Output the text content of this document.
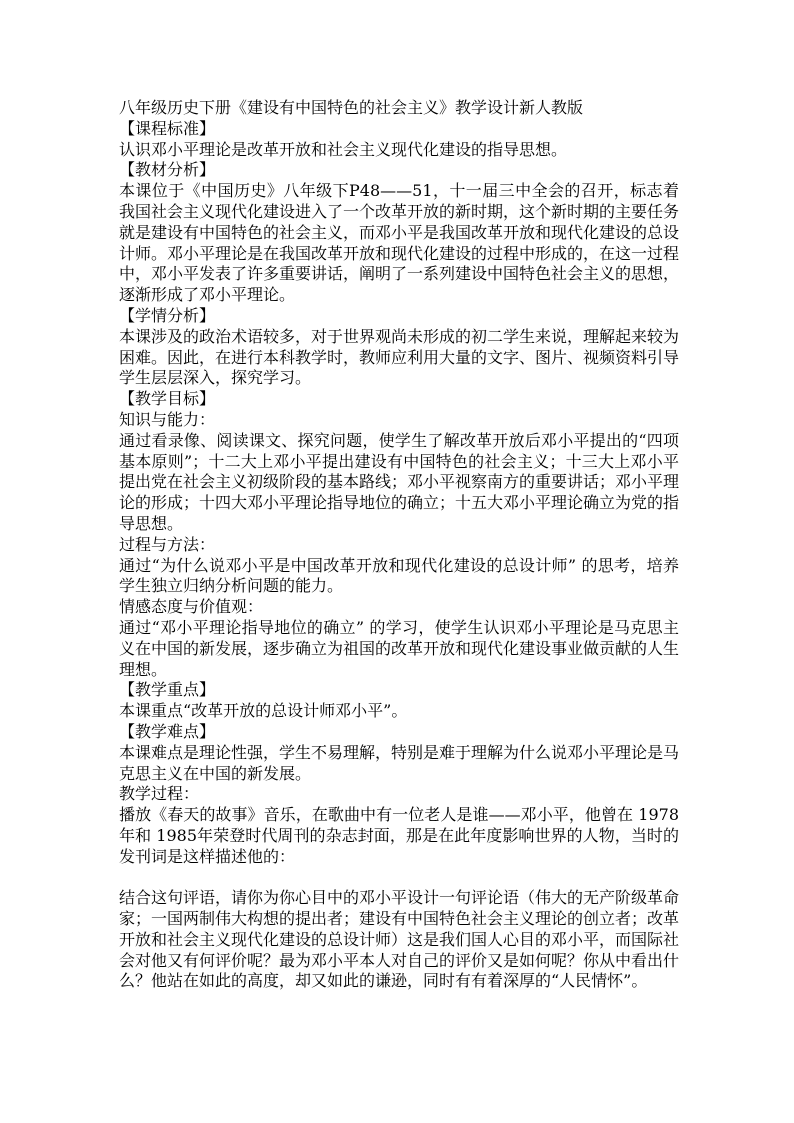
八年级历史下册《建设有中国特色的社会主义》教学设计新人教版
【课程标准】
认识邓小平理论是改革开放和社会主义现代化建设的指导思想。
【教材分析】
本课位于《中国历史》八年级下P48——51，十一届三中全会的召开，标志着我国社会主义现代化建设进入了一个改革开放的新时期，这个新时期的主要任务就是建设有中国特色的社会主义，而邓小平是我国改革开放和现代化建设的总设计师。邓小平理论是在我国改革开放和现代化建设的过程中形成的，在这一过程中，邓小平发表了许多重要讲话，阐明了一系列建设中国特色社会主义的思想，逐渐形成了邓小平理论。
【学情分析】
本课涉及的政治术语较多，对于世界观尚未形成的初二学生来说，理解起来较为困难。因此，在进行本科教学时，教师应利用大量的文字、图片、视频资料引导学生层层深入，探究学习。
【教学目标】
知识与能力：
通过看录像、阅读课文、探究问题，使学生了解改革开放后邓小平提出的“四项基本原则”；十二大上邓小平提出建设有中国特色的社会主义；十三大上邓小平提出党在社会主义初级阶段的基本路线；邓小平视察南方的重要讲话；邓小平理论的形成；十四大邓小平理论指导地位的确立；十五大邓小平理论确立为党的指导思想。
过程与方法：
通过“为什么说邓小平是中国改革开放和现代化建设的总设计师” 的思考，培养学生独立归纳分析问题的能力。
情感态度与价值观：
通过“邓小平理论指导地位的确立” 的学习，使学生认识邓小平理论是马克思主义在中国的新发展，逐步确立为祖国的改革开放和现代化建设事业做贡献的人生理想。
【教学重点】
本课重点“改革开放的总设计师邓小平”。
【教学难点】
本课难点是理论性强，学生不易理解，特别是难于理解为什么说邓小平理论是马克思主义在中国的新发展。
教学过程：
播放《春天的故事》音乐，在歌曲中有一位老人是谁——邓小平，他曾在 1978 年和 1985年荣登时代周刊的杂志封面，那是在此年度影响世界的人物，当时的发刊词是这样描述他的：
结合这句评语，请你为你心目中的邓小平设计一句评论语（伟大的无产阶级革命家；一国两制伟大构想的提出者；建设有中国特色社会主义理论的创立者；改革开放和社会主义现代化建设的总设计师）这是我们国人心目的邓小平，而国际社会对他又有何评价呢？最为邓小平本人对自己的评价又是如何呢？你从中看出什么？他站在如此的高度，却又如此的谦逊，同时有有着深厚的“人民情怀”。
